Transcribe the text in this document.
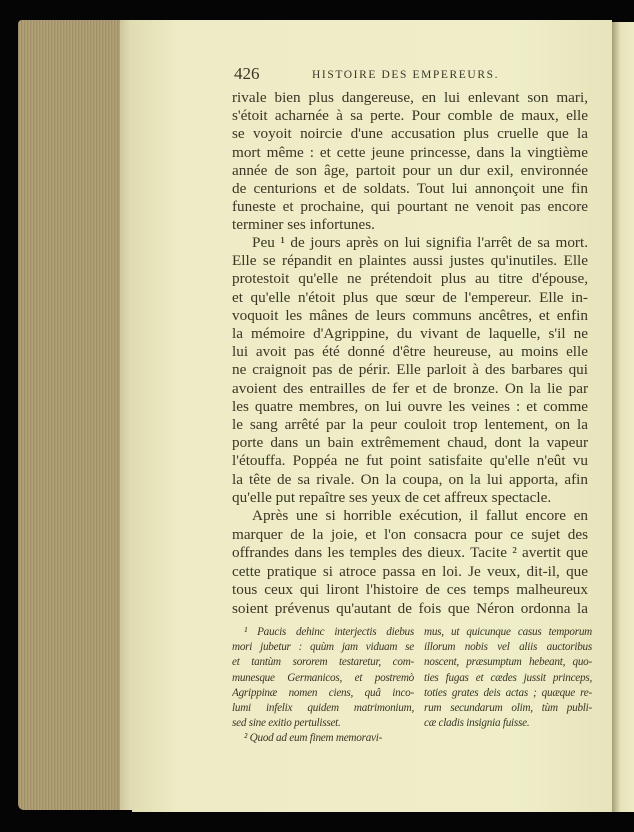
426	HISTOIRE DES EMPEREURS.
rivale bien plus dangereuse, en lui enlevant son mari,
s'étoit acharnée à sa perte. Pour comble de maux, elle
se voyoit noircie d'une accusation plus cruelle que la
mort même : et cette jeune princesse, dans la vingtième
année de son âge, partoit pour un dur exil, environnée
de centurions et de soldats. Tout lui annonçoit une fin
funeste et prochaine, qui pourtant ne venoit pas encore
terminer ses infortunes.
Peu ¹ de jours après on lui signifia l'arrêt de sa mort.
Elle se répandit en plaintes aussi justes qu'inutiles. Elle
protestoit qu'elle ne prétendoit plus au titre d'épouse,
et qu'elle n'étoit plus que sœur de l'empereur. Elle in-
voquoit les mânes de leurs communs ancêtres, et enfin
la mémoire d'Agrippine, du vivant de laquelle, s'il ne
lui avoit pas été donné d'être heureuse, au moins elle
ne craignoit pas de périr. Elle parloit à des barbares qui
avoient des entrailles de fer et de bronze. On la lie par
les quatre membres, on lui ouvre les veines : et comme
le sang arrêté par la peur couloit trop lentement, on la
porte dans un bain extrêmement chaud, dont la vapeur
l'étouffa. Poppéa ne fut point satisfaite qu'elle n'eût vu
la tête de sa rivale. On la coupa, on la lui apporta, afin
qu'elle put repaître ses yeux de cet affreux spectacle.
Après une si horrible exécution, il fallut encore en
marquer de la joie, et l'on consacra pour ce sujet des
offrandes dans les temples des dieux. Tacite ² avertit que
cette pratique si atroce passa en loi. Je veux, dit-il, que
tous ceux qui liront l'histoire de ces temps malheureux
soient prévenus qu'autant de fois que Néron ordonna la
¹ Paucis dehinc interjectis diebus
mori jubetur : quùm jam viduam se
et tantùm sororem testaretur, com-
munesque Germanicos, et postremò
Agrippinæ nomen ciens, quâ inco-
lumi infelix quidem matrimonium,
sed sine exitio pertulisset.
² Quod ad eum finem memoravi-
mus, ut quicunque casus temporum
illorum nobis vel aliis auctoribus
noscent, præsumptum hebeant, quo-
ties fugas et cædes jussit princeps,
toties grates deis actas ; quæque re-
rum secundarum olim, tùm publi-
cæ cladis insignia fuisse.
